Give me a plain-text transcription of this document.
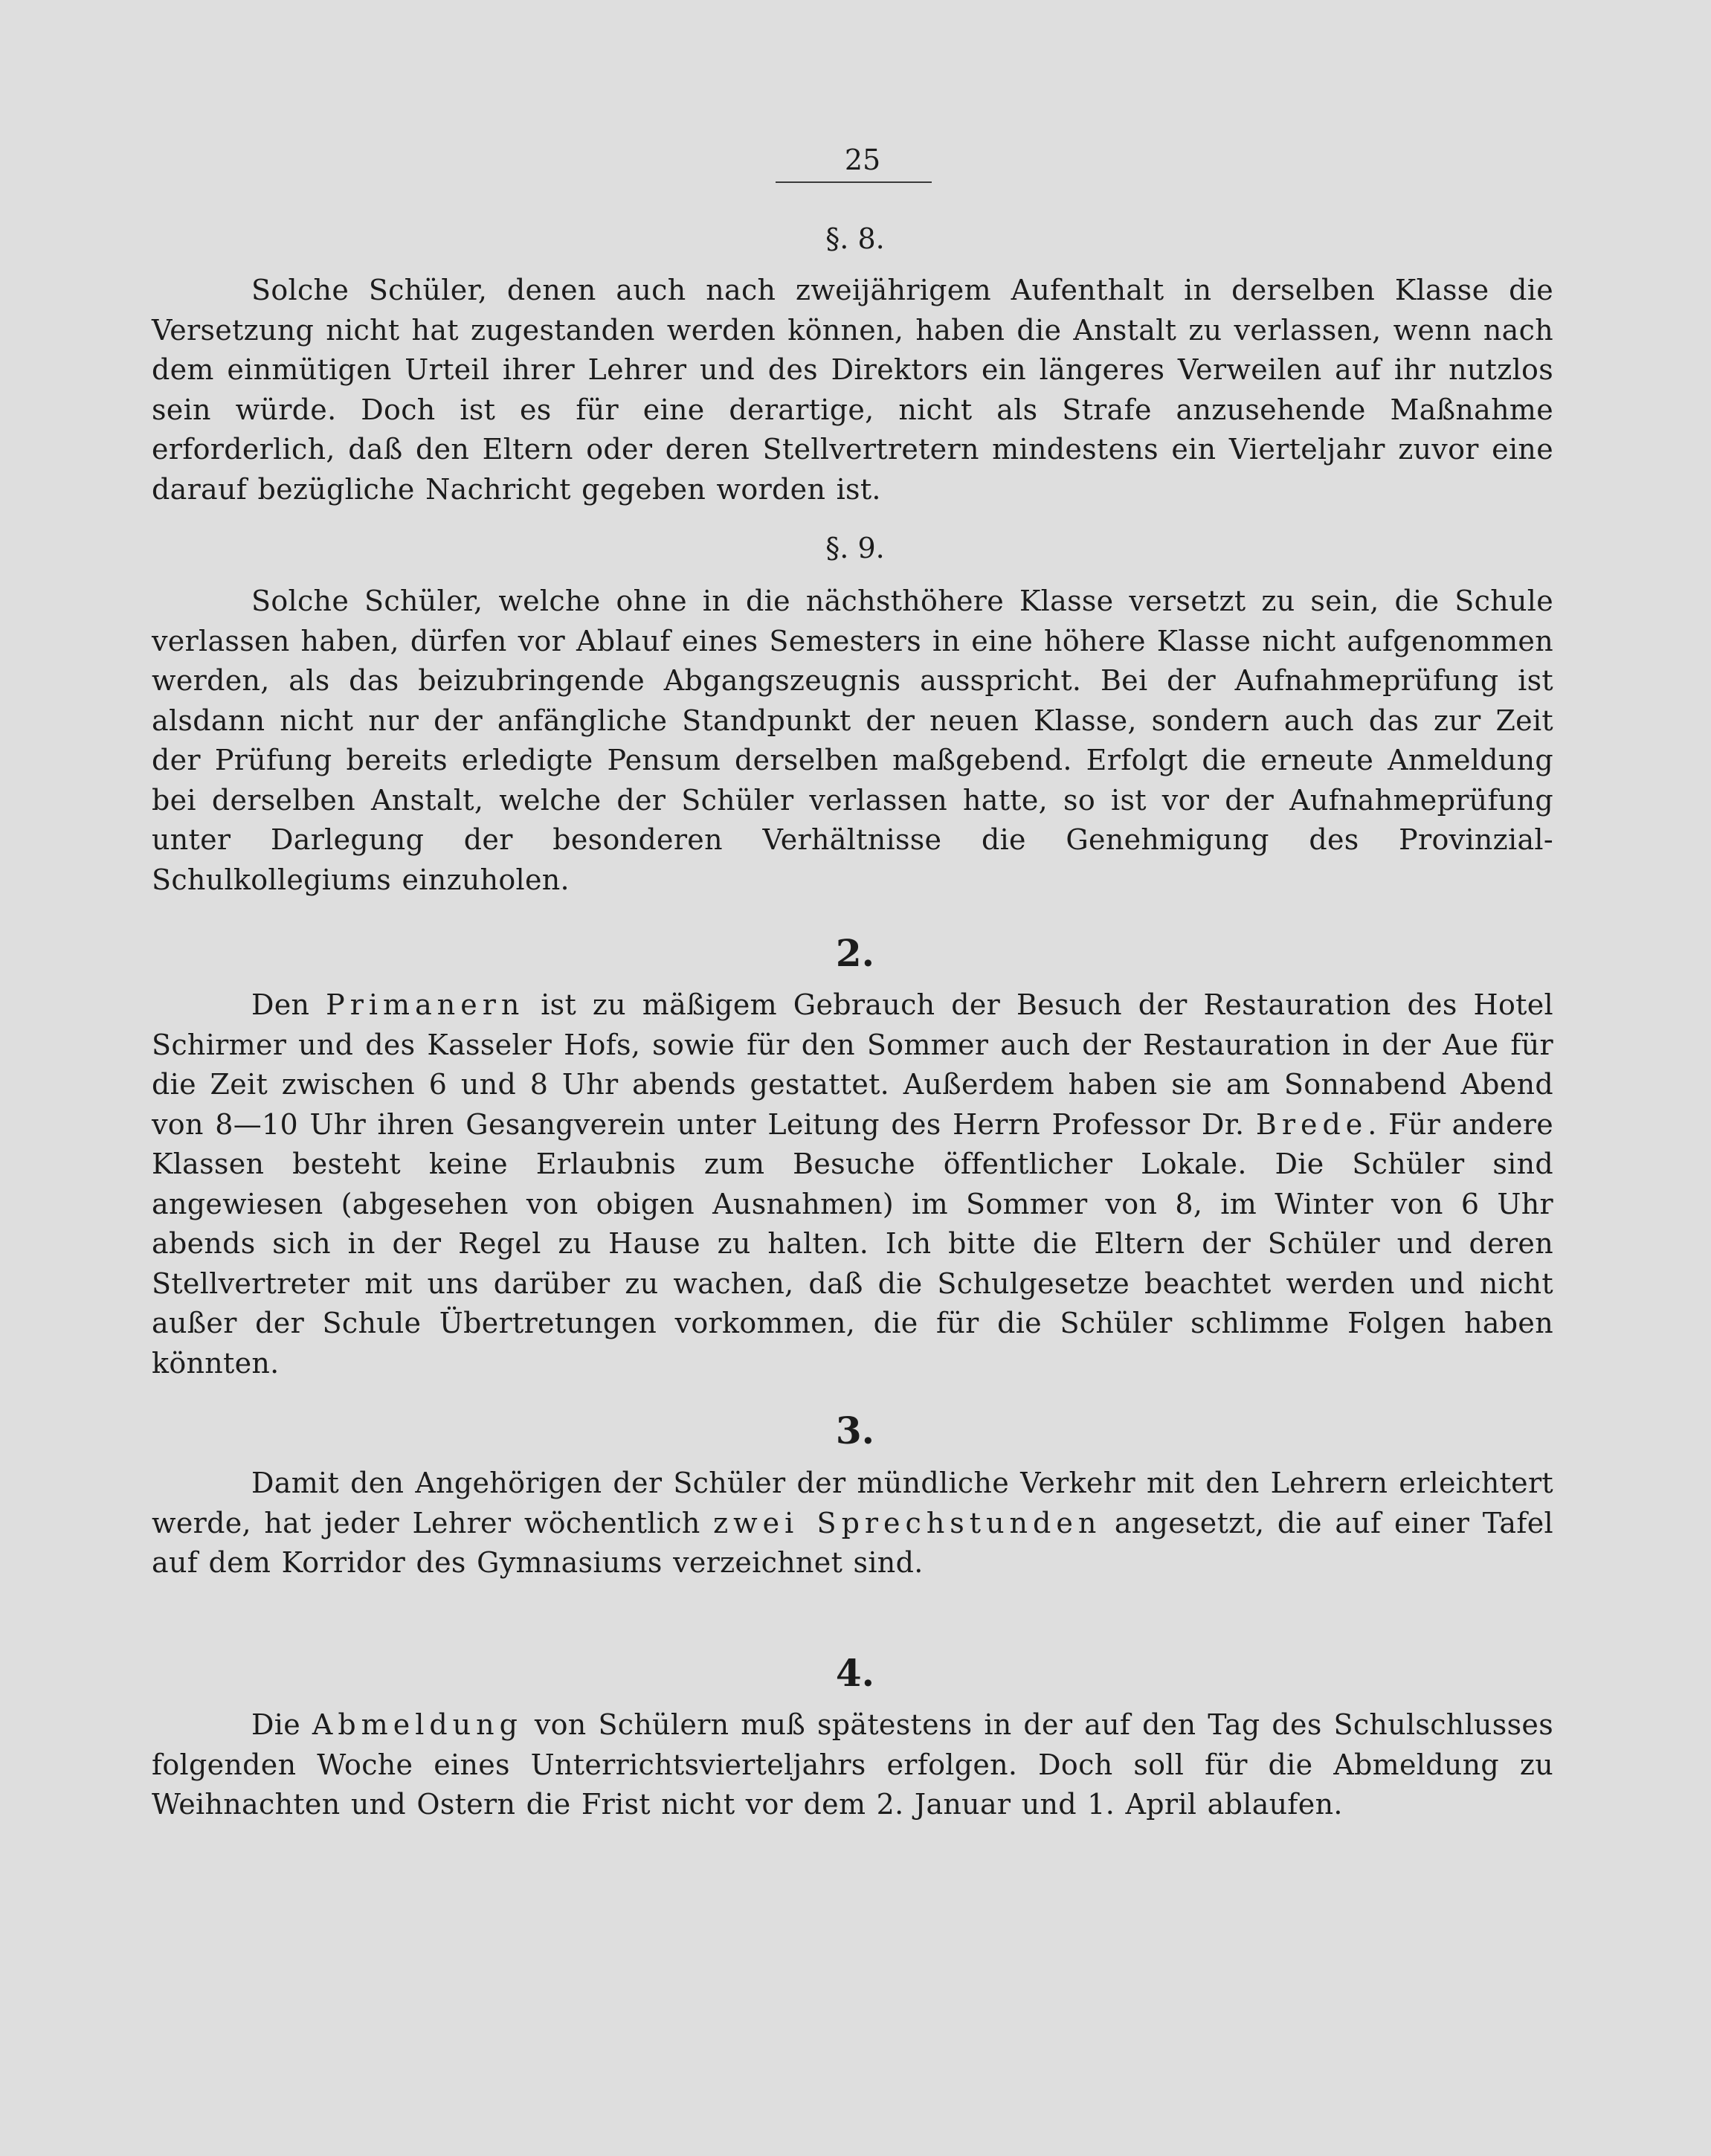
25
§. 8.

Solche Schüler, denen auch nach zweijährigem Aufenthalt in derselben Klasse die Versetzung nicht hat zugestanden werden können, haben die Anstalt zu verlassen, wenn nach dem einmütigen Urteil ihrer Lehrer und des Direktors ein längeres Verweilen auf ihr nutzlos sein würde. Doch ist es für eine derartige, nicht als Strafe anzusehende Maßnahme erforderlich, daß den Eltern oder deren Stellvertretern mindestens ein Vierteljahr zuvor eine darauf bezügliche Nachricht gegeben worden ist.

§. 9.

Solche Schüler, welche ohne in die nächsthöhere Klasse versetzt zu sein, die Schule verlassen haben, dürfen vor Ablauf eines Semesters in eine höhere Klasse nicht aufgenommen werden, als das beizubringende Abgangszeugnis ausspricht. Bei der Aufnahmeprüfung ist alsdann nicht nur der anfängliche Standpunkt der neuen Klasse, sondern auch das zur Zeit der Prüfung bereits erledigte Pensum derselben maßgebend. Erfolgt die erneute Anmeldung bei derselben Anstalt, welche der Schüler verlassen hatte, so ist vor der Aufnahmeprüfung unter Darlegung der besonderen Verhältnisse die Genehmigung des Provinzial-Schulkollegiums einzuholen.

2.

Den Primanern ist zu mäßigem Gebrauch der Besuch der Restauration des Hotel Schirmer und des Kasseler Hofs, sowie für den Sommer auch der Restauration in der Aue für die Zeit zwischen 6 und 8 Uhr abends gestattet. Außerdem haben sie am Sonnabend Abend von 8—10 Uhr ihren Gesangverein unter Leitung des Herrn Professor Dr. Brede. Für andere Klassen besteht keine Erlaubnis zum Besuche öffentlicher Lokale. Die Schüler sind angewiesen (abgesehen von obigen Ausnahmen) im Sommer von 8, im Winter von 6 Uhr abends sich in der Regel zu Hause zu halten. Ich bitte die Eltern der Schüler und deren Stellvertreter mit uns darüber zu wachen, daß die Schulgesetze beachtet werden und nicht außer der Schule Übertretungen vorkommen, die für die Schüler schlimme Folgen haben könnten.

3.

Damit den Angehörigen der Schüler der mündliche Verkehr mit den Lehrern erleichtert werde, hat jeder Lehrer wöchentlich zwei Sprechstunden angesetzt, die auf einer Tafel auf dem Korridor des Gymnasiums verzeichnet sind.

4.

Die Abmeldung von Schülern muß spätestens in der auf den Tag des Schulschlusses folgenden Woche eines Unterrichtsvierteljahrs erfolgen. Doch soll für die Abmeldung zu Weihnachten und Ostern die Frist nicht vor dem 2. Januar und 1. April ablaufen.
